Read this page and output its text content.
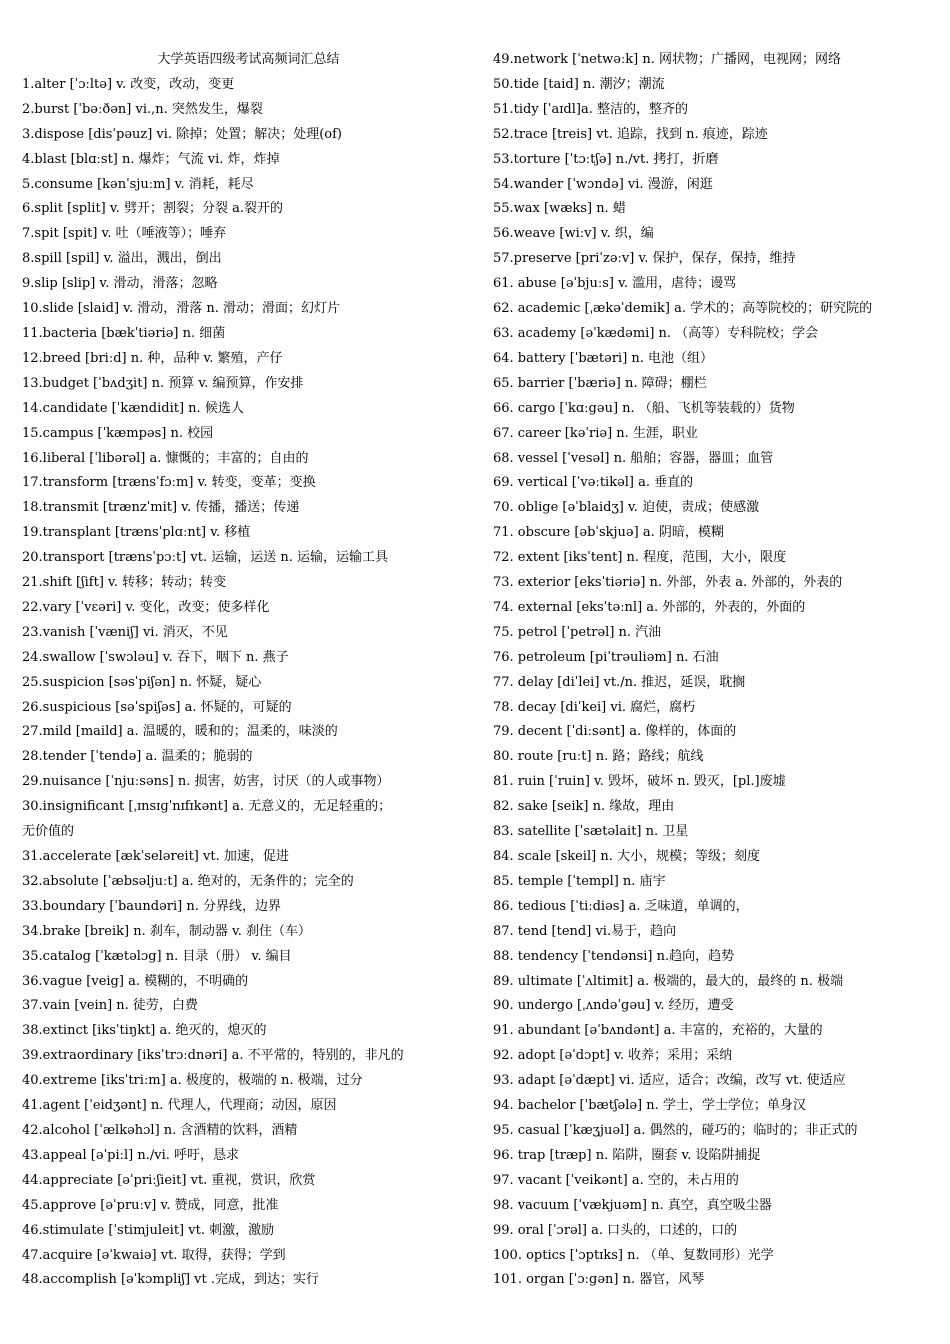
大学英语四级考试高频词汇总结
1.alter [ˈɔːltə] v. 改变，改动，变更
2.burst [ˈbəːðən] vi.,n. 突然发生，爆裂
3.dispose [disˈpəuz] vi. 除掉；处置；解决；处理(of)
4.blast [blɑːst] n. 爆炸；气流 vi. 炸，炸掉
5.consume [kənˈsjuːm] v. 消耗，耗尽
6.split [split] v. 劈开；割裂；分裂 a.裂开的
7.spit [spit] v. 吐（唾液等）；唾弃
8.spill [spil] v. 溢出，溅出，倒出
9.slip [slip] v. 滑动，滑落；忽略
10.slide [slaid] v. 滑动，滑落 n. 滑动；滑面；幻灯片
11.bacteria [bækˈtiəriə] n. 细菌
12.breed [briːd] n. 种，品种 v. 繁殖，产仔
13.budget [ˈbʌdʒit] n. 预算 v. 编预算，作安排
14.candidate [ˈkændidit] n. 候选人
15.campus [ˈkæmpəs] n. 校园
16.liberal [ˈlibərəl] a. 慷慨的；丰富的；自由的
17.transform [trænsˈfɔːm] v. 转变，变革；变换
18.transmit [trænzˈmit] v. 传播，播送；传递
19.transplant [trænsˈplɑːnt] v. 移植
20.transport [trænsˈpɔːt] vt. 运输，运送 n. 运输，运输工具
21.shift [ʃift] v. 转移；转动；转变
22.vary [ˈvɛəri] v. 变化，改变；使多样化
23.vanish [ˈvæniʃ] vi. 消灭，不见
24.swallow [ˈswɔləu] v. 吞下，咽下 n. 燕子
25.suspicion [səsˈpiʃən] n. 怀疑，疑心
26.suspicious [səˈspiʃəs] a. 怀疑的，可疑的
27.mild [maild] a. 温暖的，暖和的；温柔的，味淡的
28.tender [ˈtendə] a. 温柔的；脆弱的
29.nuisance [ˈnjuːsəns] n. 损害，妨害，讨厌（的人或事物）
30.insignificant [ˌɪnsɪɡˈnɪfɪkənt] a. 无意义的，无足轻重的；
无价值的
31.accelerate [ækˈseləreit] vt. 加速，促进
32.absolute [ˈæbsəljuːt] a. 绝对的，无条件的；完全的
33.boundary [ˈbaundəri] n. 分界线，边界
34.brake [breik] n. 刹车，制动器 v. 刹住（车）
35.catalog [ˈkætəlɔg] n. 目录（册） v. 编目
36.vague [veig] a. 模糊的，不明确的
37.vain [vein] n. 徒劳，白费
38.extinct [iksˈtiŋkt] a. 绝灭的，熄灭的
39.extraordinary [iksˈtrɔːdnəri] a. 不平常的，特别的，非凡的
40.extreme [iksˈtriːm] a. 极度的，极端的 n. 极端，过分
41.agent [ˈeidʒənt] n. 代理人，代理商；动因，原因
42.alcohol [ˈælkəhɔl] n. 含酒精的饮料，酒精
43.appeal [əˈpiːl] n./vi. 呼吁，恳求
44.appreciate [əˈpriːʃieit] vt. 重视，赏识，欣赏
45.approve [əˈpruːv] v. 赞成，同意，批准
46.stimulate [ˈstimjuleit] vt. 刺激，激励
47.acquire [əˈkwaiə] vt. 取得，获得；学到
48.accomplish [əˈkɔmpliʃ] vt .完成，到达；实行
49.network [ˈnetwəːk] n. 网状物；广播网，电视网；网络
50.tide [taid] n. 潮汐；潮流
51.tidy [ˈaɪdl]a. 整洁的，整齐的
52.trace [treis] vt. 追踪，找到 n. 痕迹，踪迹
53.torture [ˈtɔːtʃə] n./vt. 拷打，折磨
54.wander [ˈwɔndə] vi. 漫游，闲逛
55.wax [wæks] n. 蜡
56.weave [wiːv] v. 织，编
57.preserve [priˈzəːv] v. 保护，保存，保持，维持
61. abuse [əˈbjuːs] v. 滥用，虐待；谩骂
62. academic [ˌækəˈdemik] a. 学术的；高等院校的；研究院的
63. academy [əˈkædəmi] n. （高等）专科院校；学会
64. battery [ˈbætəri] n. 电池（组）
65. barrier [ˈbæriə] n. 障碍；棚栏
66. cargo [ˈkɑːgəu] n. （船、飞机等装载的）货物
67. career [kəˈriə] n. 生涯，职业
68. vessel [ˈvesəl] n. 船舶；容器，器皿；血管
69. vertical [ˈvəːtikəl] a. 垂直的
70. oblige [əˈblaidʒ] v. 迫使，责成；使感激
71. obscure [əbˈskjuə] a. 阴暗，模糊
72. extent [iksˈtent] n. 程度，范围，大小，限度
73. exterior [eksˈtiəriə] n. 外部，外表 a. 外部的，外表的
74. external [eksˈtəːnl] a. 外部的，外表的，外面的
75. petrol [ˈpetrəl] n. 汽油
76. petroleum [piˈtrəuliəm] n. 石油
77. delay [diˈlei] vt./n. 推迟，延误，耽搁
78. decay [diˈkei] vi. 腐烂，腐朽
79. decent [ˈdiːsənt] a. 像样的，体面的
80. route [ruːt] n. 路；路线；航线
81. ruin [ˈruin] v. 毁坏，破坏 n. 毁灭，[pl.]废墟
82. sake [seik] n. 缘故，理由
83. satellite [ˈsætəlait] n. 卫星
84. scale [skeil] n. 大小，规模；等级；刻度
85. temple [ˈtempl] n. 庙宇
86. tedious [ˈtiːdiəs] a. 乏味道，单调的，
87. tend [tend] vi.易于，趋向
88. tendency [ˈtendənsi] n.趋向，趋势
89. ultimate [ˈʌltimit] a. 极端的，最大的，最终的 n. 极端
90. undergo [ˌʌndəˈgəu] v. 经历，遭受
91. abundant [əˈbʌndənt] a. 丰富的，充裕的，大量的
92. adopt [əˈdɔpt] v. 收养；采用；采纳
93. adapt [əˈdæpt] vi. 适应，适合；改编，改写 vt. 使适应
94. bachelor [ˈbætʃələ] n. 学士，学士学位；单身汉
95. casual [ˈkæʒjuəl] a. 偶然的，碰巧的；临时的；非正式的
96. trap [træp] n. 陷阱，圈套 v. 设陷阱捕捉
97. vacant [ˈveikənt] a. 空的，未占用的
98. vacuum [ˈvækjuəm] n. 真空，真空吸尘器
99. oral [ˈɔrəl] a. 口头的，口述的，口的
100. optics [ˈɔptɪks] n. （单、复数同形）光学
101. organ [ˈɔːgən] n. 器官，风琴
